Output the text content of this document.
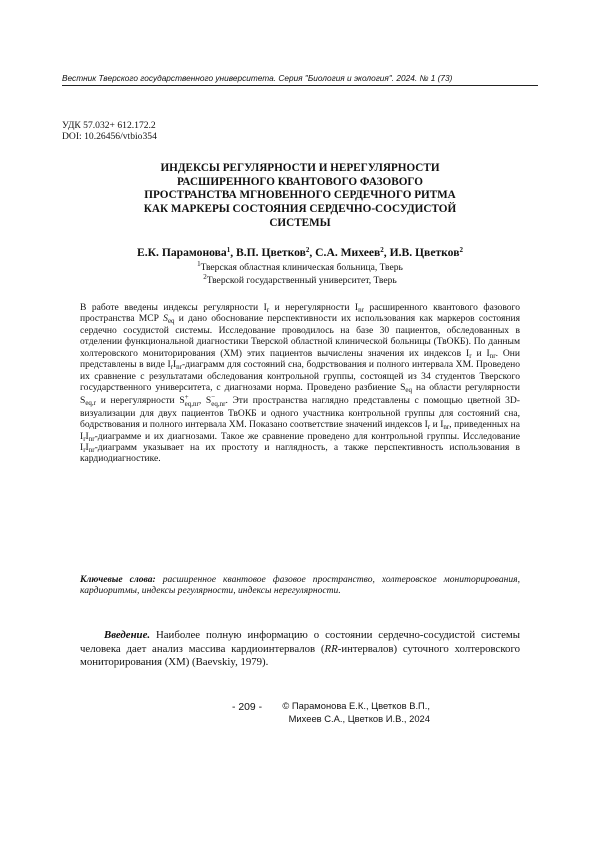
Вестник Тверского государственного университета. Серия "Биология и экология". 2024. № 1 (73)
УДК 57.032+ 612.172.2
DOI: 10.26456/vtbio354
ИНДЕКСЫ РЕГУЛЯРНОСТИ И НЕРЕГУЛЯРНОСТИ
РАСШИРЕННОГО КВАНТОВОГО ФАЗОВОГО
ПРОСТРАНСТВА МГНОВЕННОГО СЕРДЕЧНОГО РИТМА
КАК МАРКЕРЫ СОСТОЯНИЯ СЕРДЕЧНО-СОСУДИСТОЙ
СИСТЕМЫ
Е.К. Парамонова$^1$, В.П. Цветков$^2$, С.А. Михеев$^2$, И.В. Цветков$^2$
$^1$Тверская областная клиническая больница, Тверь
$^2$Тверской государственный университет, Тверь

В работе введены индексы регулярности $I_r$ и нерегулярности $I_{nr}$ расширенного квантового фазового пространства МСР $S_{eq}$ и дано обоснование перспективности их использования как маркеров состояния сердечно сосудистой системы. Исследование проводилось на базе 30 пациентов, обследованных в отделении функциональной диагностики Тверской областной клинической больницы (ТвОКБ). По данным холтеровского мониторирования (ХМ) этих пациентов вычислены значения их индексов $I_r$ и $I_{nr}$. Они представлены в виде $I_rI_{nr}$-диаграмм для состояний сна, бодрствования и полного интервала ХМ. Проведено их сравнение с результатами обследования контрольной группы, состоящей из 34 студентов Тверского государственного университета, с диагнозами норма. Проведено разбиение $S_{eq}$ на области регулярности $S_{eq,r}$ и нерегулярности S+
eq,nr, S−
eq,nr. Эти пространства наглядно представлены с помощью цветной 3D-визуализации для двух пациентов ТвОКБ и одного участника контрольной группы для состояний сна, бодрствования и полного интервала ХМ. Показано соответствие значений индексов $I_r$ и $I_{nr}$, приведенных на $I_rI_{nr}$-диаграмме и их диагнозами. Такое же сравнение проведено для контрольной группы. Исследование $I_rI_{nr}$-диаграмм указывает на их простоту и наглядность, а также перспективность использования в кардиодиагностике.

Ключевые слова: расширенное квантовое фазовое пространство, холтеровское мониторирования, кардиоритмы, индексы регулярности, индексы нерегулярности.
Введение. Наиболее полную информацию о состоянии сердечно-сосудистой системы человека дает анализ массива кардиоинтервалов (RR-интервалов) суточного холтеровского мониторирования (ХМ) (Baevskiy, 1979).
- 209 - © Парамонова Е.К., Цветков В.П.,
Михеев С.А., Цветков И.В., 2024
